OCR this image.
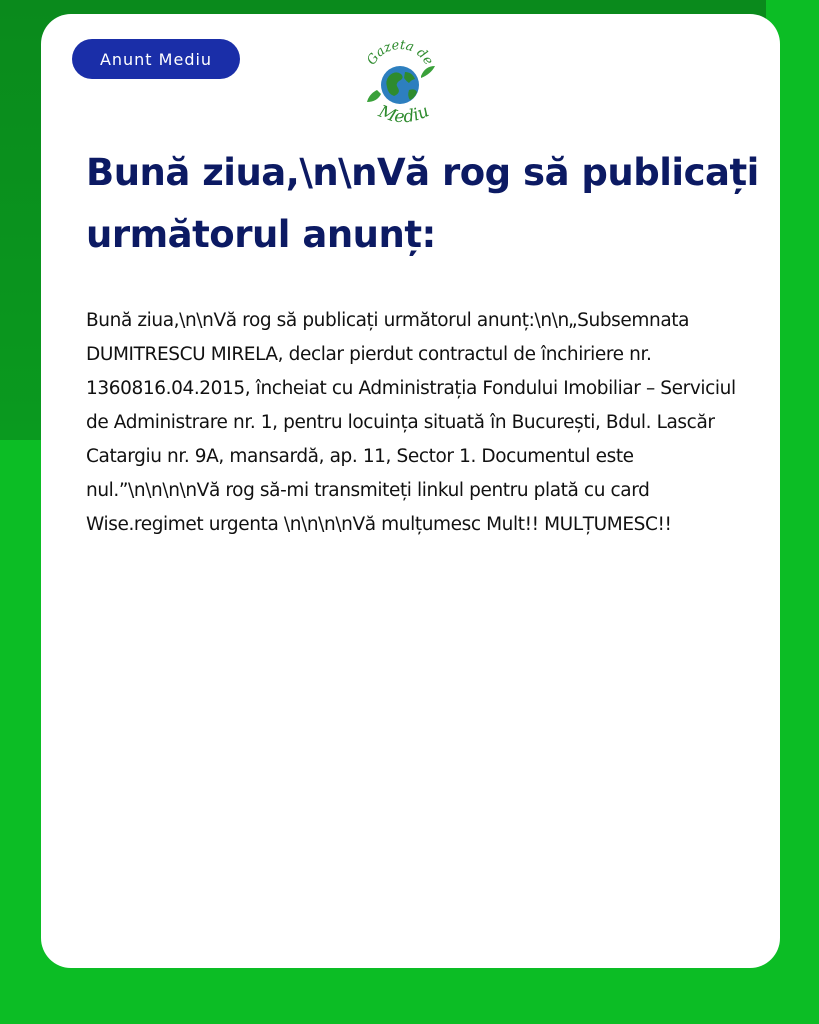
Anunt Mediu	Gazeta de
Mediu
Bună ziua,\n\nVă rog să publicați următorul anunț:

Bună ziua,\n\nVă rog să publicați următorul anunț:\n\n„Subsemnata DUMITRESCU MIRELA, declar pierdut contractul de închiriere nr. 1360816.04.2015, încheiat cu Administrația Fondului Imobiliar – Serviciul de Administrare nr. 1, pentru locuința situată în București, Bdul. Lascăr Catargiu nr. 9A, mansardă, ap. 11, Sector 1. Documentul este nul.”\n\n\n\nVă rog să-mi transmiteți linkul pentru plată cu card Wise.regimet urgenta \n\n\n\nVă mulțumesc Mult!! MULȚUMESC!!
